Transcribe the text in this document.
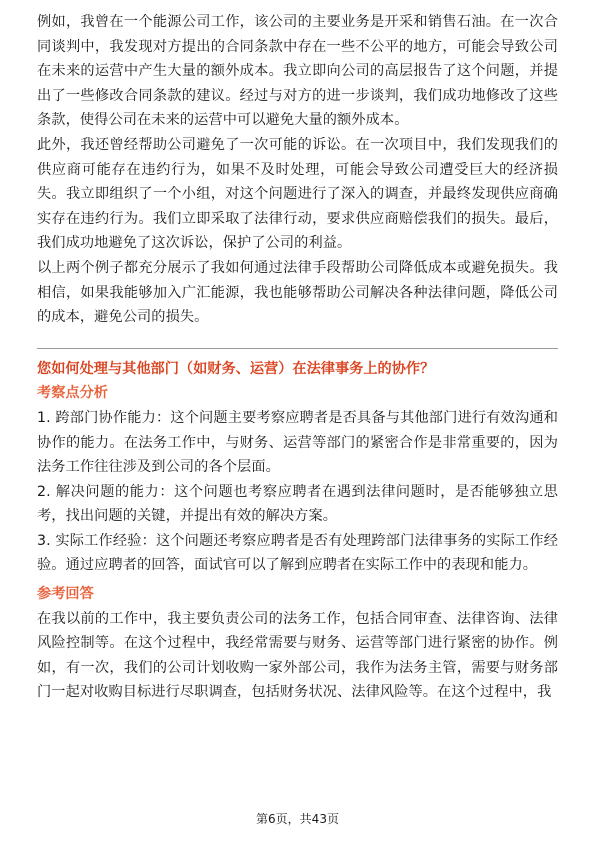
例如，我曾在一个能源公司工作，该公司的主要业务是开采和销售石油。在一次合同谈判中，我发现对方提出的合同条款中存在一些不公平的地方，可能会导致公司在未来的运营中产生大量的额外成本。我立即向公司的高层报告了这个问题，并提出了一些修改合同条款的建议。经过与对方的进一步谈判，我们成功地修改了这些条款，使得公司在未来的运营中可以避免大量的额外成本。

此外，我还曾经帮助公司避免了一次可能的诉讼。在一次项目中，我们发现我们的供应商可能存在违约行为，如果不及时处理，可能会导致公司遭受巨大的经济损失。我立即组织了一个小组，对这个问题进行了深入的调查，并最终发现供应商确实存在违约行为。我们立即采取了法律行动，要求供应商赔偿我们的损失。最后，我们成功地避免了这次诉讼，保护了公司的利益。

以上两个例子都充分展示了我如何通过法律手段帮助公司降低成本或避免损失。我相信，如果我能够加入广汇能源，我也能够帮助公司解决各种法律问题，降低公司的成本，避免公司的损失。

您如何处理与其他部门（如财务、运营）在法律事务上的协作？

考察点分析

1. 跨部门协作能力：这个问题主要考察应聘者是否具备与其他部门进行有效沟通和协作的能力。在法务工作中，与财务、运营等部门的紧密合作是非常重要的，因为法务工作往往涉及到公司的各个层面。

2. 解决问题的能力：这个问题也考察应聘者在遇到法律问题时，是否能够独立思考，找出问题的关键，并提出有效的解决方案。

3. 实际工作经验：这个问题还考察应聘者是否有处理跨部门法律事务的实际工作经验。通过应聘者的回答，面试官可以了解到应聘者在实际工作中的表现和能力。

参考回答

在我以前的工作中，我主要负责公司的法务工作，包括合同审查、法律咨询、法律风险控制等。在这个过程中，我经常需要与财务、运营等部门进行紧密的协作。例如，有一次，我们的公司计划收购一家外部公司，我作为法务主管，需要与财务部门一起对收购目标进行尽职调查，包括财务状况、法律风险等。在这个过程中，我

第6页，共43页
